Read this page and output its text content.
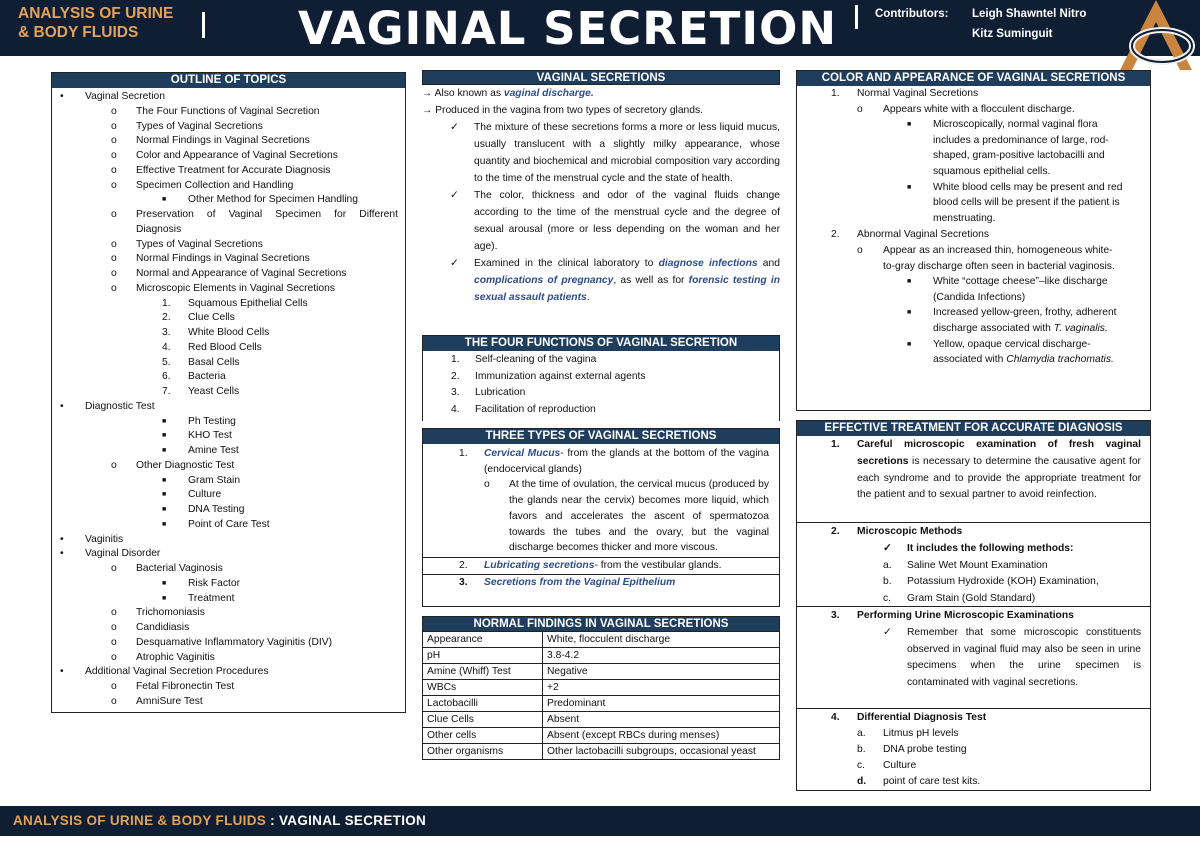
ANALYSIS OF URINE
& BODY FLUIDS	VAGINAL SECRETION	Contributors: Leigh Shawntel Nitro
Kitz Suminguit
OUTLINE OF TOPICS
• Vaginal Secretion
o The Four Functions of Vaginal Secretion
o Types of Vaginal Secretions
o Normal Findings in Vaginal Secretions
o Color and Appearance of Vaginal Secretions
o Effective Treatment for Accurate Diagnosis
o Specimen Collection and Handling
■ Other Method for Specimen Handling
o Preservation of Vaginal Specimen for Different
Diagnosis
o Types of Vaginal Secretions
o Normal Findings in Vaginal Secretions
o Normal and Appearance of Vaginal Secretions
o Microscopic Elements in Vaginal Secretions
1. Squamous Epithelial Cells
2. Clue Cells
3. White Blood Cells
4. Red Blood Cells
5. Basal Cells
6. Bacteria
7. Yeast Cells
• Diagnostic Test
■ Ph Testing
■ KHO Test
■ Amine Test
o Other Diagnostic Test
■ Gram Stain
■ Culture
■ DNA Testing
■ Point of Care Test
• Vaginitis
• Vaginal Disorder
o Bacterial Vaginosis
■ Risk Factor
■ Treatment
o Trichomoniasis
o Candidiasis
o Desquamative Inflammatory Vaginitis (DIV)
o Atrophic Vaginitis
• Additional Vaginal Secretion Procedures
o Fetal Fibronectin Test
o AmniSure Test
VAGINAL SECRETIONS
→ Also known as vaginal discharge.
→ Produced in the vagina from two types of secretory glands.
✓ The mixture of these secretions forms a more or less liquid mucus, usually translucent with a slightly milky appearance, whose quantity and biochemical and microbial composition vary according to the time of the menstrual cycle and the state of health.
✓ The color, thickness and odor of the vaginal fluids change according to the time of the menstrual cycle and the degree of sexual arousal (more or less depending on the woman and her age).
✓ Examined in the clinical laboratory to diagnose infections and complications of pregnancy, as well as for forensic testing in sexual assault patients.
THE FOUR FUNCTIONS OF VAGINAL SECRETION
1. Self-cleaning of the vagina
2. Immunization against external agents
3. Lubrication
4. Facilitation of reproduction
THREE TYPES OF VAGINAL SECRETIONS
1. Cervical Mucus- from the glands at the bottom of the vagina (endocervical glands)
o At the time of ovulation, the cervical mucus (produced by the glands near the cervix) becomes more liquid, which favors and accelerates the ascent of spermatozoa towards the tubes and the ovary, but the vaginal discharge becomes thicker and more viscous.
2. Lubricating secretions- from the vestibular glands.
3. Secretions from the Vaginal Epithelium
NORMAL FINDINGS IN VAGINAL SECRETIONS
Appearance	White, flocculent discharge
pH	3.8-4.2
Amine (Whiff) Test	Negative
WBCs	+2
Lactobacilli	Predominant
Clue Cells	Absent
Other cells	Absent (except RBCs during menses)
Other organisms	Other lactobacilli subgroups, occasional yeast
COLOR AND APPEARANCE OF VAGINAL SECRETIONS
1. Normal Vaginal Secretions
o Appears white with a flocculent discharge.
■ Microscopically, normal vaginal flora includes a predominance of large, rod-shaped, gram-positive lactobacilli and squamous epithelial cells.
■ White blood cells may be present and red blood cells will be present if the patient is menstruating.
2. Abnormal Vaginal Secretions
o Appear as an increased thin, homogeneous white-to-gray discharge often seen in bacterial vaginosis.
■ White “cottage cheese”–like discharge (Candida Infections)
■ Increased yellow-green, frothy, adherent discharge associated with T. vaginalis.
■ Yellow, opaque cervical discharge-associated with Chlamydia trachomatis.
EFFECTIVE TREATMENT FOR ACCURATE DIAGNOSIS
1. Careful microscopic examination of fresh vaginal secretions is necessary to determine the causative agent for each syndrome and to provide the appropriate treatment for the patient and to sexual partner to avoid reinfection.
2. Microscopic Methods
✓ It includes the following methods:
a. Saline Wet Mount Examination
b. Potassium Hydroxide (KOH) Examination,
c. Gram Stain (Gold Standard)
3. Performing Urine Microscopic Examinations
✓ Remember that some microscopic constituents observed in vaginal fluid may also be seen in urine specimens when the urine specimen is contaminated with vaginal secretions.
4. Differential Diagnosis Test
a. Litmus pH levels
b. DNA probe testing
c. Culture
d. point of care test kits.
ANALYSIS OF URINE & BODY FLUIDS : VAGINAL SECRETION
